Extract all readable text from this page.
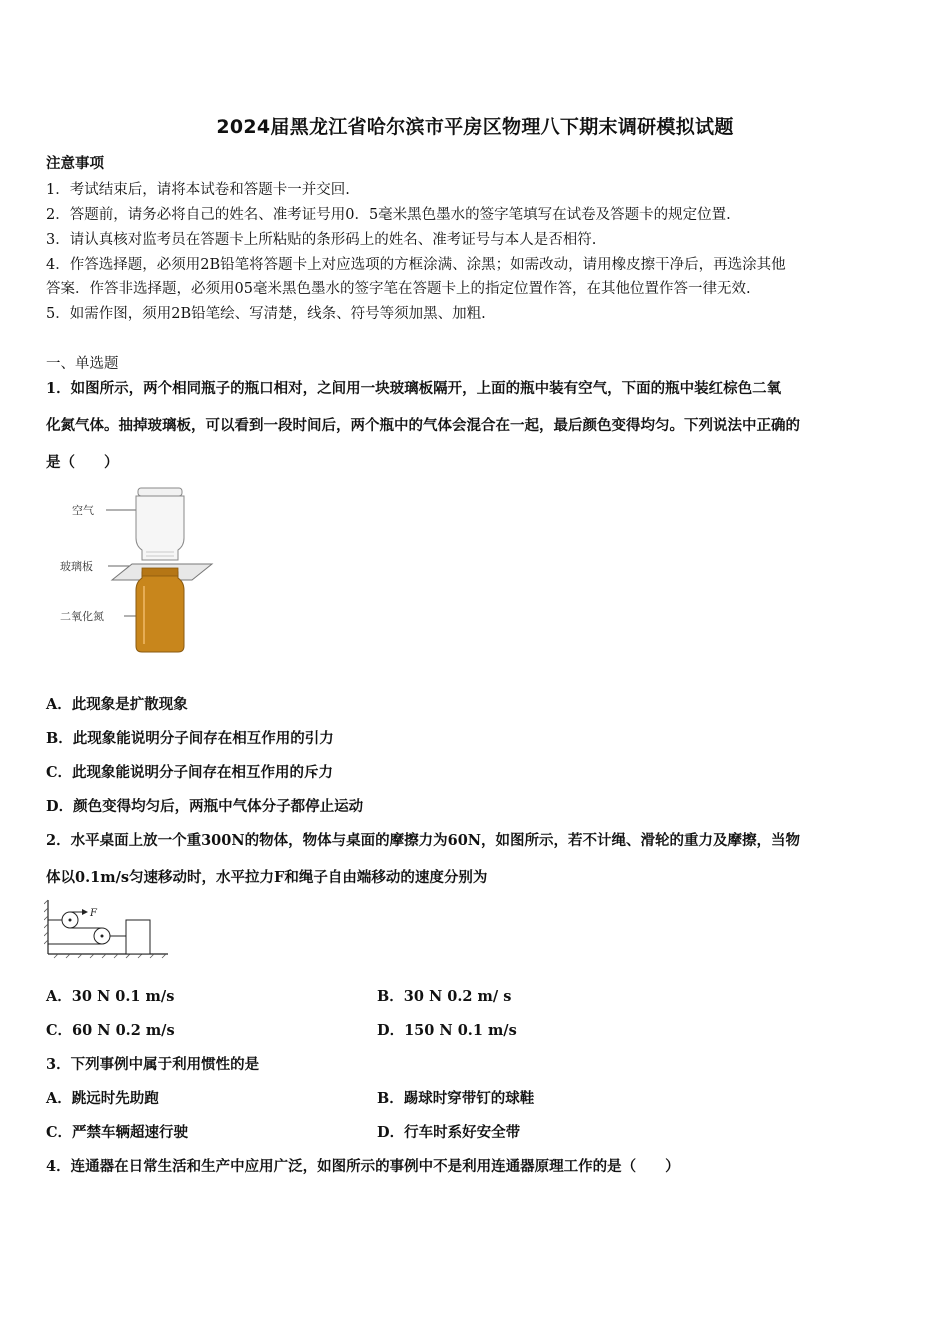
2024届黑龙江省哈尔滨市平房区物理八下期末调研模拟试题
注意事项
1．考试结束后，请将本试卷和答题卡一并交回.
2．答题前，请务必将自己的姓名、准考证号用0．5毫米黑色墨水的签字笔填写在试卷及答题卡的规定位置.
3．请认真核对监考员在答题卡上所粘贴的条形码上的姓名、准考证号与本人是否相符.
4．作答选择题，必须用2B铅笔将答题卡上对应选项的方框涂满、涂黑；如需改动，请用橡皮擦干净后，再选涂其他
答案．作答非选择题，必须用05毫米黑色墨水的签字笔在答题卡上的指定位置作答，在其他位置作答一律无效.
5．如需作图，须用2B铅笔绘、写清楚，线条、符号等须加黑、加粗.
一、单选题
1．如图所示，两个相同瓶子的瓶口相对，之间用一块玻璃板隔开，上面的瓶中装有空气，下面的瓶中装红棕色二氧
化氮气体。抽掉玻璃板，可以看到一段时间后，两个瓶中的气体会混合在一起，最后颜色变得均匀。下列说法中正确的
是（　　）
空气
玻璃板
二氧化氮
A．此现象是扩散现象
B．此现象能说明分子间存在相互作用的引力
C．此现象能说明分子间存在相互作用的斥力
D．颜色变得均匀后，两瓶中气体分子都停止运动
2．水平桌面上放一个重300N的物体，物体与桌面的摩擦力为60N，如图所示，若不计绳、滑轮的重力及摩擦，当物
体以0.1m/s匀速移动时，水平拉力F和绳子自由端移动的速度分别为
F
A．30 N 0.1 m/s	B．30 N 0.2 m/ s
C．60 N 0.2 m/s	D．150 N 0.1 m/s
3．下列事例中属于利用惯性的是
A．跳远时先助跑	B．踢球时穿带钉的球鞋
C．严禁车辆超速行驶	D．行车时系好安全带
4．连通器在日常生活和生产中应用广泛，如图所示的事例中不是利用连通器原理工作的是（　　）
